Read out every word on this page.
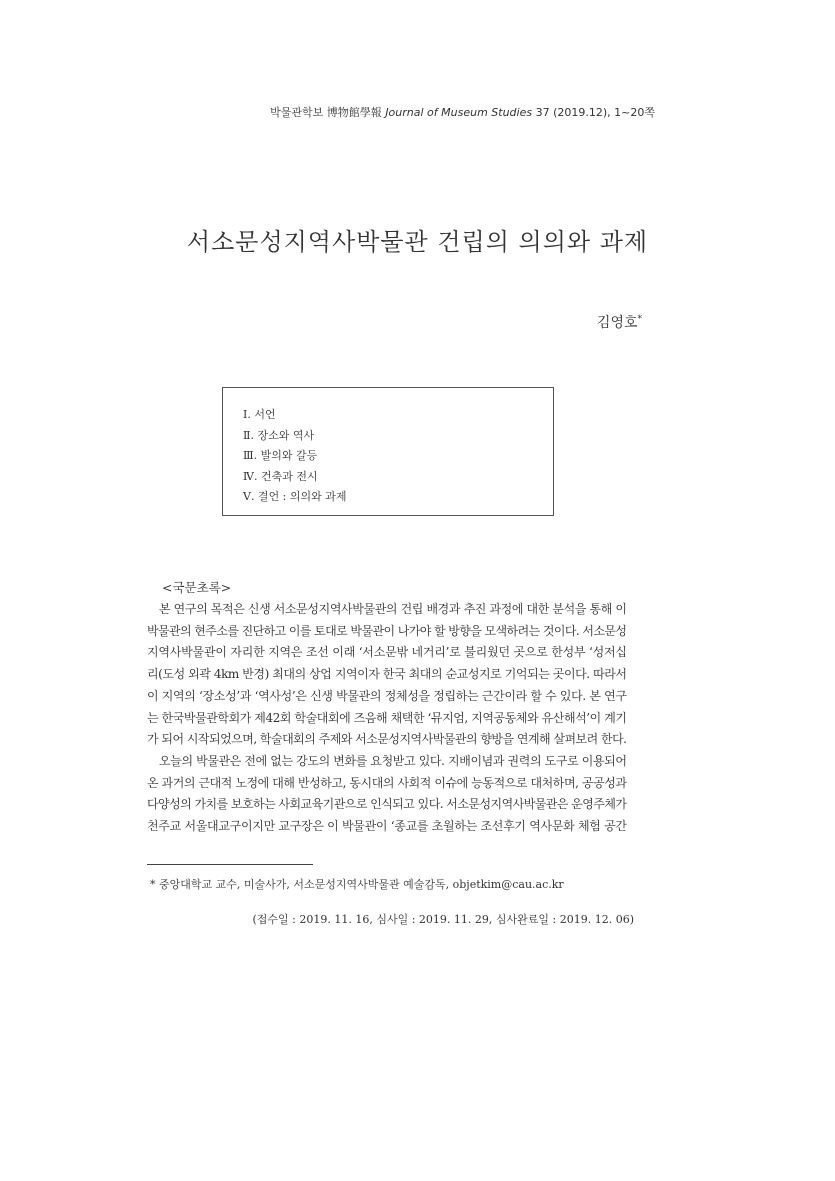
박물관학보 博物館學報 Journal of Museum Studies 37 (2019.12), 1~20쪽
서소문성지역사박물관 건립의 의의와 과제
김영호*
Ⅰ. 서언
Ⅱ. 장소와 역사
Ⅲ. 발의와 갈등
Ⅳ. 건축과 전시
Ⅴ. 결언 : 의의와 과제
<국문초록>
본 연구의 목적은 신생 서소문성지역사박물관의 건립 배경과 추진 과정에 대한 분석을 통해 이
박물관의 현주소를 진단하고 이를 토대로 박물관이 나가야 할 방향을 모색하려는 것이다. 서소문성
지역사박물관이 자리한 지역은 조선 이래 ‘서소문밖 네거리’로 불리웠던 곳으로 한성부 ‘성저십
리(도성 외곽 4km 반경) 최대의 상업 지역이자 한국 최대의 순교성지로 기억되는 곳이다. 따라서
이 지역의 ‘장소성’과 ‘역사성’은 신생 박물관의 정체성을 정립하는 근간이라 할 수 있다. 본 연구
는 한국박물관학회가 제42회 학술대회에 즈음해 채택한 ‘뮤지엄, 지역공동체와 유산해석’이 계기
가 되어 시작되었으며, 학술대회의 주제와 서소문성지역사박물관의 향방을 연계해 살펴보려 한다.
오늘의 박물관은 전에 없는 강도의 변화를 요청받고 있다. 지배이념과 권력의 도구로 이용되어
온 과거의 근대적 노정에 대해 반성하고, 동시대의 사회적 이슈에 능동적으로 대처하며, 공공성과
다양성의 가치를 보호하는 사회교육기관으로 인식되고 있다. 서소문성지역사박물관은 운영주체가
천주교 서울대교구이지만 교구장은 이 박물관이 ‘종교를 초월하는 조선후기 역사문화 체험 공간
* 중앙대학교 교수, 미술사가, 서소문성지역사박물관 예술감독, objetkim@cau.ac.kr
(접수일 : 2019. 11. 16, 심사일 : 2019. 11. 29, 심사완료일 : 2019. 12. 06)
